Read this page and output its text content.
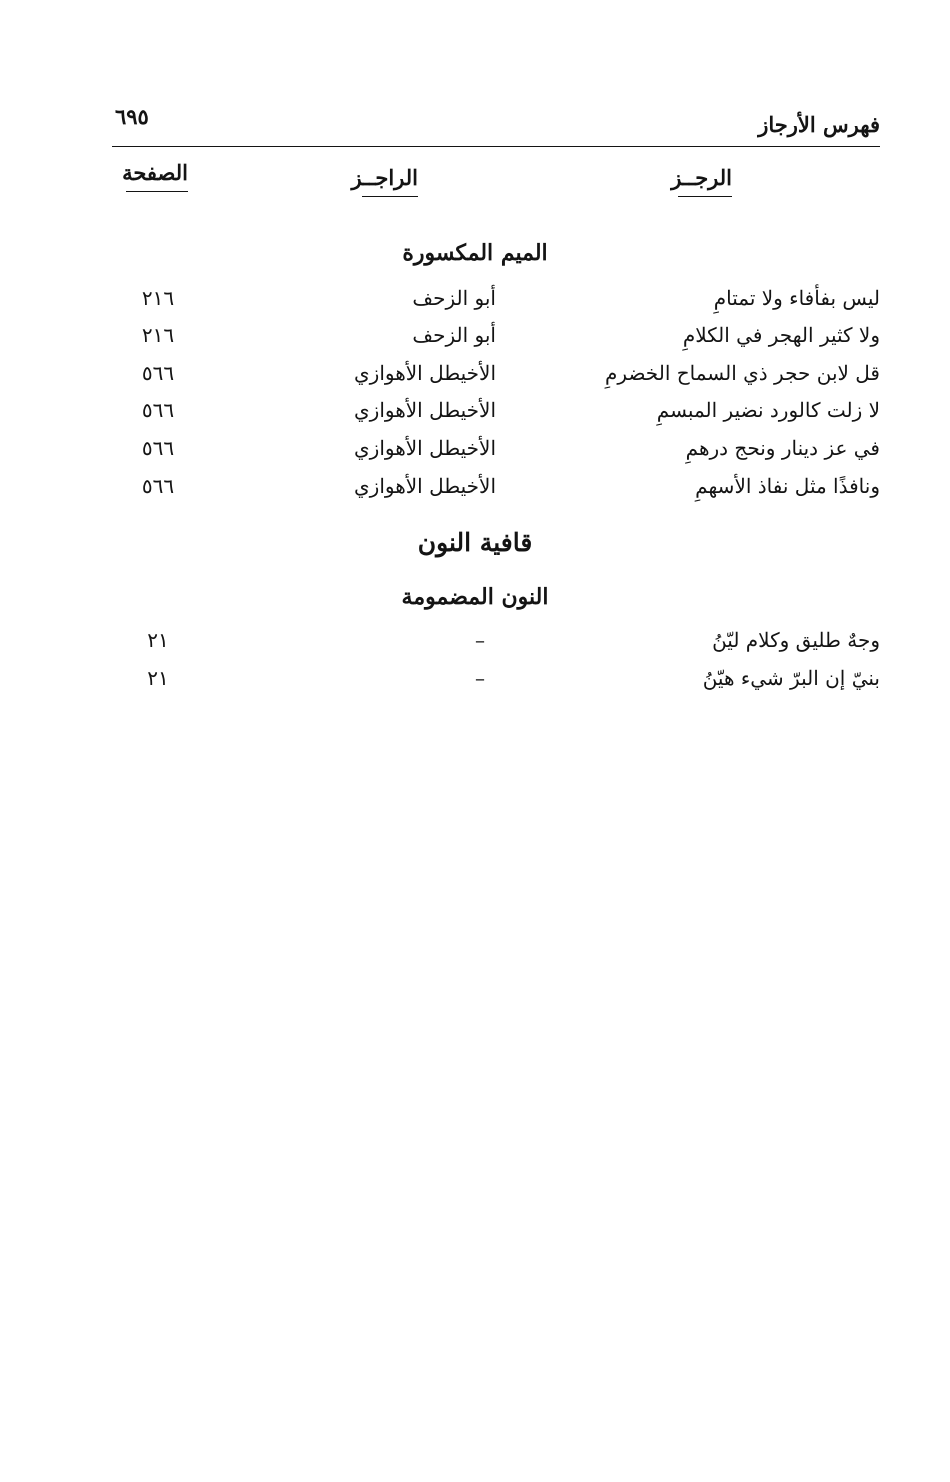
فهرس الأرجاز
٦٩٥
الرجــز
الراجــز
الصفحة
الميم المكسورة
ليس بفأفاء ولا تمتامِ
أبو الزحف
٢١٦
ولا كثير الهجر في الكلامِ
أبو الزحف
٢١٦
قل لابن حجر ذي السماح الخضرمِ
الأخيطل الأهوازي
٥٦٦
لا زلت كالورد نضير المبسمِ
الأخيطل الأهوازي
٥٦٦
في عز دينار ونحج درهمِ
الأخيطل الأهوازي
٥٦٦
ونافذًا مثل نفاذ الأسهمِ
الأخيطل الأهوازي
٥٦٦
قافية النون
النون المضمومة
وجهٌ طليق وكلام ليّنُ
–
٢١
بنيّ إن البرّ شيء هيّنُ
–
٢١
